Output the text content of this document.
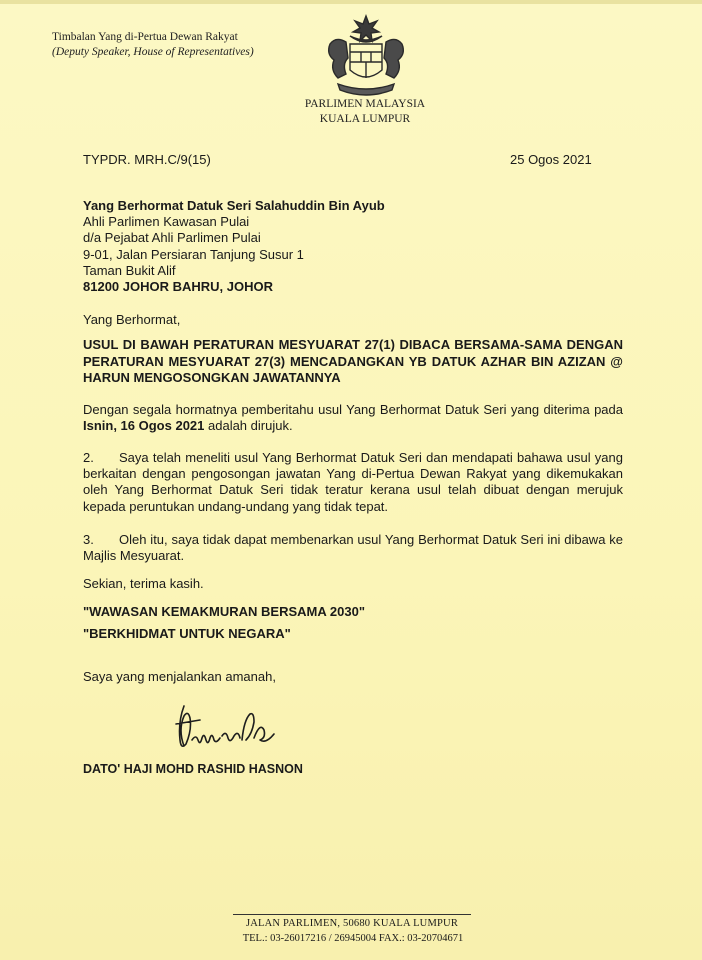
Timbalan Yang di-Pertua Dewan Rakyat
(Deputy Speaker, House of Representatives)
PARLIMEN MALAYSIA
KUALA LUMPUR
TYPDR. MRH.C/9(15)	25 Ogos 2021
Yang Berhormat Datuk Seri Salahuddin Bin Ayub
Ahli Parlimen Kawasan Pulai
d/a Pejabat Ahli Parlimen Pulai
9-01, Jalan Persiaran Tanjung Susur 1
Taman Bukit Alif
81200 JOHOR BAHRU, JOHOR
Yang Berhormat,
USUL DI BAWAH PERATURAN MESYUARAT 27(1) DIBACA BERSAMA-SAMA DENGAN PERATURAN MESYUARAT 27(3) MENCADANGKAN YB DATUK AZHAR BIN AZIZAN @ HARUN MENGOSONGKAN JAWATANNYA
Dengan segala hormatnya pemberitahu usul Yang Berhormat Datuk Seri yang diterima pada Isnin, 16 Ogos 2021 adalah dirujuk.
2. Saya telah meneliti usul Yang Berhormat Datuk Seri dan mendapati bahawa usul yang berkaitan dengan pengosongan jawatan Yang di-Pertua Dewan Rakyat yang dikemukakan oleh Yang Berhormat Datuk Seri tidak teratur kerana usul telah dibuat dengan merujuk kepada peruntukan undang-undang yang tidak tepat.
3. Oleh itu, saya tidak dapat membenarkan usul Yang Berhormat Datuk Seri ini dibawa ke Majlis Mesyuarat.
Sekian, terima kasih.
"WAWASAN KEMAKMURAN BERSAMA 2030"
"BERKHIDMAT UNTUK NEGARA"
Saya yang menjalankan amanah,
DATO' HAJI MOHD RASHID HASNON
JALAN PARLIMEN, 50680 KUALA LUMPUR
TEL.: 03-26017216 / 26945004 FAX.: 03-20704671
